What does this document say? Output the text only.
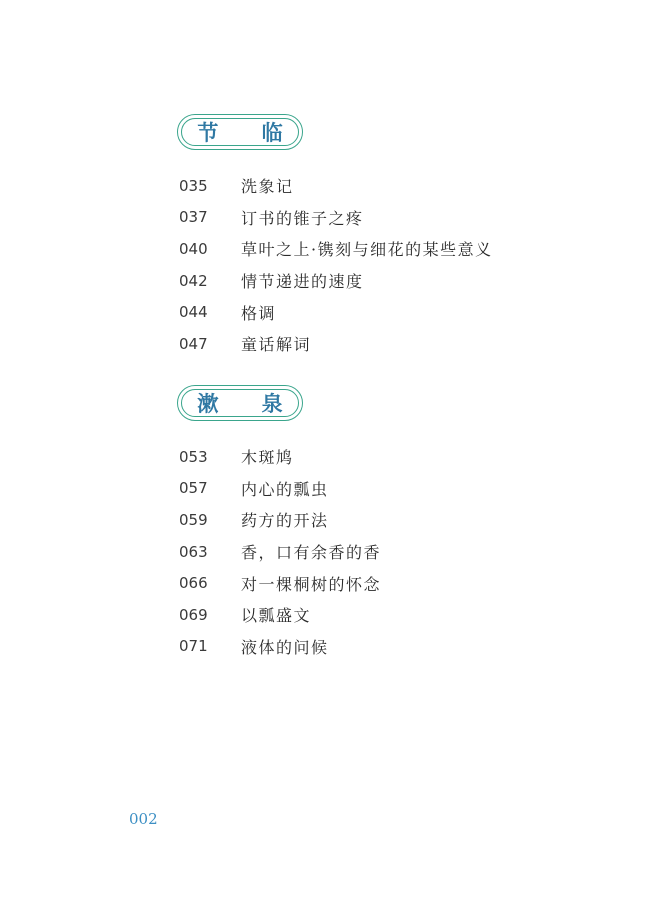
节 临
035	洗象记
037	订书的锥子之疼
040	草叶之上·镌刻与细花的某些意义
042	情节递进的速度
044	格调
047	童话解词
漱 泉
053	木斑鸠
057	内心的瓢虫
059	药方的开法
063	香，口有余香的香
066	对一棵桐树的怀念
069	以瓢盛文
071	液体的问候
002
